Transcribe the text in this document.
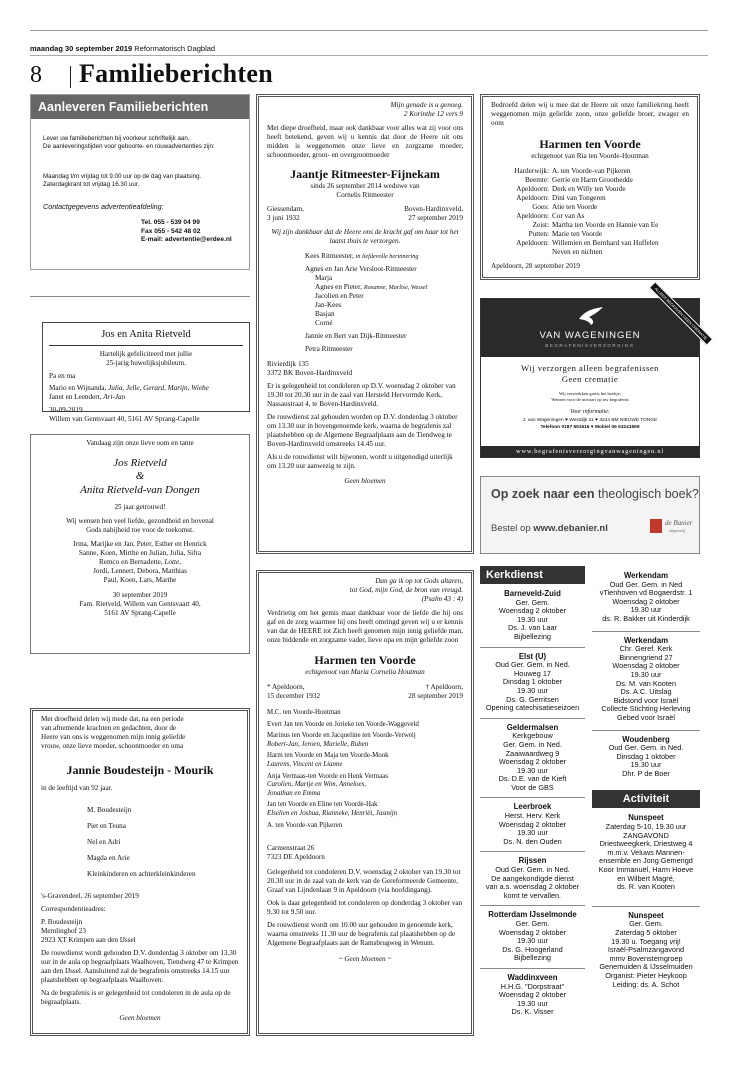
maandag 30 september 2019 Reformatorisch Dagblad
8 Familieberichten
Aanleveren Familieberichten

Lever uw familieberichten bij voorkeur schriftelijk aan.

De aanleveringstijden voor geboorte- en rouwadvertenties zijn:

Maandag t/m vrijdag tot 9.00 uur op de dag van plaatsing.

Zaterdagkrant tot vrijdag 16.30 uur.

Contactgegevens advertentieafdeling:

Tel. 055 - 539 04 99

Fax 055 - 542 48 02

E-mail: advertentie@erdee.nl

Jos en Anita Rietveld

Hartelijk gefeliciteerd met jullie

25-jarig huwelijksjubileum.

Pa en ma

Mario en Wijnanda, Julia, Jelle, Gerard, Marijn, Wiebe

Janet en Leendert, Ari-Jan

30-09-2019

Willem van Gentsvaart 40, 5161 AV Sprang-Capelle

Vandaag zijn onze lieve oom en tante

Jos Rietveld

&

Anita Rietveld-van Dongen

25 jaar getrouwd!

Wij wensen hen veel liefde, gezondheid en bovenal

Gods nabijheid toe voor de toekomst.

Irma, Marijke en Jan, Peter, Esther en Henrick

Sanne, Koen, Mirthe en Julian, Julia, Sifra

Remco en Bernadette, Lotte,

Jordi, Lennert, Debora, Matthias

Paul, Koen, Lars, Marthe

30 september 2019

Fam. Rietveld, Willem van Gentsvaart 40,

5161 AV Sprang-Capelle

Met droefheid delen wij mede dat, na een periode

van afnemende krachten en gedachten, door de

Heere van ons is weggenomen mijn innig geliefde

vrouw, onze lieve moeder, schoonmoeder en oma

Jannie Boudesteijn - Mourik

in de leeftijd van 92 jaar.

M. Boudesteijn

Piet en Teuna

Nel en Adri

Magda en Arie

Kleinkinderen en achterkleinkinderen

's-Gravendeel, 26 september 2019

Correspondentieadres:

P. Boudesteijn

Memlinghof 23

2923 XT Krimpen aan den IJssel

De rouwdienst wordt gehouden D.V. donderdag 3 oktober om 13.30 uur in de aula op begraafplaats Waalhoven, Tiendweg 47 te Krimpen aan den IJssel. Aansluitend zal de begrafenis omstreeks 14.15 uur plaatshebben op begraafplaats Waalhoven.

Na de begrafenis is er gelegenheid tot condoleren in de aula op de begraafplaats.

Geen bloemen

Mijn genade is u genoeg.

2 Korinthe 12 vers 9

Met diepe droefheid, maar ook dankbaar voor alles wat zij voor ons heeft betekend, geven wij u kennis dat door de Heere uit ons midden is weggenomen onze lieve en zorgzame moeder, schoonmoeder, groot- en overgrootmoeder

Jaantje Ritmeester-Fijnekam

sinds 26 september 2014 weduwe van

Cornelis Ritmeester

Giessendam,

3 juni 1932

Boven-Hardinxveld,

27 september 2019

Wij zijn dankbaar dat de Heere ons de kracht gaf om haar tot het laatst thuis te verzorgen.

Kees Ritmeester, in liefdevolle herinnering

Agnes en Jan Arie Versloot-Ritmeester

Marja

Agnes en Pieter, Roxanne, Marlise, Wessel

Jacolien en Peter

Jan-Kees

Basjan

Corné

Jannie en Bert van Dijk-Ritmeester

Petra Ritmeester

Rivierdijk 135

3372 BK Boven-Hardinxveld

Er is gelegenheid tot condoleren op D.V. woensdag 2 oktober van 19.30 tot 20.30 uur in de zaal van Hersteld Hervormde Kerk, Nassaustraat 4, te Boven-Hardinxveld.

De rouwdienst zal gehouden worden op D.V. donderdag 3 oktober om 13.30 uur in bovengenoemde kerk, waarna de begrafenis zal plaatshebben op de Algemene Begraafplaats aan de Tiendweg te Boven-Hardinxveld omstreeks 14.45 uur.

Als u de rouwdienst wilt bijwonen, wordt u uitgenodigd uiterlijk om 13.20 uur aanwezig te zijn.

Geen bloemen

Dan ga ik op tot Gods altaren,

tot God, mijn God, de bron van vreugd.

(Psalm 43 : 4)

Verdrietig om het gemis maar dankbaar voor de liefde die hij ons gaf en de zorg waarmee hij ons heeft omringd geven wij u er kennis van dat de HEERE tot Zich heeft genomen mijn innig geliefde man, onze biddende en zorgzame vader, lieve opa en mijn geliefde zoon

Harmen ten Voorde

echtgenoot van Maria Cornelia Houtman

* Apeldoorn,

15 december 1932

† Apeldoorn,

28 september 2019

M.C. ten Voorde-Houtman

Evert Jan ten Voorde en Jorieke ten Voorde-Waggeveld

Marinus ten Voorde en Jacqueline ten Voorde-Verweij

Robert-Jan, Jeroen, Marielle, Ruben

Harm ten Voorde en Maja ten Voorde-Mook

Laurens, Vincent en Lianne

Anja Vermaas-ten Voorde en Henk Vermaas

Carolien, Marije en Wim, Anneloes,

Jonathan en Emma

Jan ten Voorde en Eline ten Voorde-Hak

Elselien en Joshua, Rianneke, Henriët, Jasmijn

A. ten Voorde-van Pijkeren

Carmenstraat 26

7323 DE Apeldoorn

Gelegenheid tot condoleren D.V. woensdag 2 oktober van 19.30 tot 20.30 uur in de zaal van de kerk van de Gereformeerde Gemeente, Graaf van Lijndenlaan 9 in Apeldoorn (via hoofdingang).

Ook is daar gelegenheid tot condoleren op donderdag 3 oktober van 9.30 tot 9.50 uur.

De rouwdienst wordt om 10.00 uur gehouden in genoemde kerk, waarna omstreeks 11.30 uur de begrafenis zal plaatshebben op de Algemene Begraafplaats aan de Ramsbrugweg in Wenum.

~ Geen bloemen ~

Bedroefd delen wij u mee dat de Heere uit onze familiekring heeft weggenomen mijn geliefde zoon, onze geliefde broer, zwager en oom

Harmen ten Voorde

echtgenoot van Ria ten Voorde-Houtman

Harderwijk: A. ten Voorde-van Pijkeren
Beemte: Gerrie en Harm Groothedde
Apeldoorn: Derk en Willy ten Voorde
Apeldoorn: Dini van Tongeren
Goes: Atie ten Voorde
Apeldoorn: Cor van As
Zeist: Martha ten Voorde en Hannie van Ee
Putten: Marie ten Voorde
Apeldoorn: Willemien en Bernhard van Huffelen
Neven en nichten

Apeldoorn, 28 september 2019

VAN WAGENINGEN
BEGRAFENISVERZORGING
ALLEEN BEGRAVEN GEEN CREMATIE

Wij verzorgen alleen begrafenissen

Geen crematie

Wij verstrekken gratis het boekje:

Wensen voor de uitvaart op uw begrafenis

Voor informatie:
J. van Wageningen ♥ Westdijk 31 ♥ 3244 BM NIEUWE TONGE
Telefoon 0187 651616 ♥ Mobiel 06 53241569
www.begrafenisverzorgingvanwageningen.nl
Op zoek naar een theologisch boek?
Bestel op www.debanier.nl	de Banier
uitgeverij
Kerkdienst
Barneveld-Zuid
Ger. Gem.
Woensdag 2 oktober
19.30 uur
Ds. J. van Laar
Bijbellezing
Elst (U)
Oud Ger. Gem. in Ned.
Houweg 17
Dinsdag 1 oktober
19.30 uur
Ds. G. Gerritsen
Opening catechisatieseizoen
Geldermalsen
Kerkgebouw
Ger. Gem. in Ned.
Zaaiwaardweg 9
Woensdag 2 oktober
19.30 uur
Ds. D.E. van de Kieft
Voor de GBS
Leerbroek
Herst. Herv. Kerk
Woensdag 2 oktober
19.30 uur
Ds. N. den Ouden
Rijssen
Oud Ger. Gem. in Ned.
De aangekondigde dienst
van a.s. woensdag 2 oktober
komt te vervallen.
Rotterdam IJsselmonde
Ger. Gem.
Woensdag 2 oktober
19.30 uur
Ds. G. Hoogerland
Bijbellezing
Waddinxveen
H.H.G. "Dorpstraat"
Woensdag 2 oktober
19.30 uur
Ds. K. Visser
Werkendam
Oud Ger. Gem. in Ned
vTienhoven vd Bogaerdstr. 1
Woensdag 2 oktober
19.30 uur
ds. R. Bakker uit Kinderdijk
Werkendam
Chr. Geref. Kerk
Binnengriend 27
Woensdag 2 oktober
19.30 uur
Ds. M. van Kooten
Ds. A.C. Uitslag
Bidstond voor Israël
Collecte Stichting Herleving
Gebed voor Israël
Woudenberg
Oud Ger. Gem. in Ned.
Dinsdag 1 oktober
19.30 uur
Dhr. P de Boer
Activiteit
Nunspeet
Zaterdag 5-10, 19.30 uur
ZANGAVOND
Driestweegkerk, Driestweg 4
m.m.v. Veluws Mannen-
ensemble en Jong Gemengd
Koor Immanuël, Harm Hoeve
en Wilbert Magré,
ds. R. van Kooten
Nunspeet
Ger. Gem.
Zaterdag 5 oktober
19.30 u. Toegang vrij!
Israël-Psalmzangavond
mmv Bovenstemgroep
Genemuiden & IJsselmuiden
Organist: Pieter Heykoop
Leiding: ds. A. Schot
